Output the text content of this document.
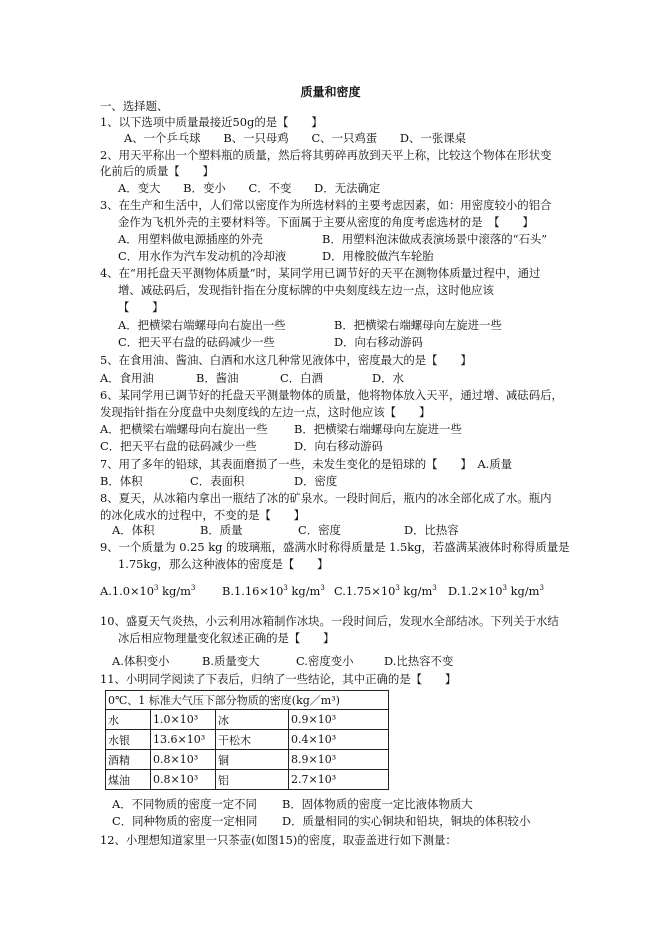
质量和密度
一、选择题、
1、以下选项中质量最接近50g的是【　　】
A、一个乒乓球　　B、一只母鸡　　C、一只鸡蛋　　D、一张课桌
2、用天平称出一个塑料瓶的质量，然后将其剪碎再放到天平上称，比较这个物体在形状变
化前后的质量【　　】
A．变大　　B．变小　　C．不变　　D．无法确定
3、在生产和生活中，人们常以密度作为所选材料的主要考虑因素，如：用密度较小的铝合
金作为飞机外壳的主要材料等。下面属于主要从密度的角度考虑选材的是　【　　】
A．用塑料做电源插座的外壳	B．用塑料泡沫做成表演场景中滚落的“石头”
C．用水作为汽车发动机的冷却液	D．用橡胶做汽车轮胎
4、在“用托盘天平测物体质量”时，某同学用已调节好的天平在测物体质量过程中，通过
增、减砝码后，发现指针指在分度标牌的中央刻度线左边一点，这时他应该
【　　】
A．把横梁右端螺母向右旋出一些	B．把横梁右端螺母向左旋进一些
C．把天平右盘的砝码减少一些	D．向右移动游码
5、在食用油、酱油、白酒和水这几种常见液体中，密度最大的是【　　】
A．食用油	B．酱油	C．白酒	D．水
6、某同学用已调节好的托盘天平测量物体的质量，他将物体放入天平，通过增、减砝码后，
发现指针指在分度盘中央刻度线的左边一点，这时他应该【　　】
A．把横梁右端螺母向右旋出一些 B．把横梁右端螺母向左旋进一些
C．把天平右盘的砝码减少一些	D．向右移动游码
7、用了多年的铅球，其表面磨损了一些，未发生变化的是铅球的【　　】　A.质量
B．体积	C．表面积	D．密度
8、夏天，从冰箱内拿出一瓶结了冰的矿泉水。一段时间后，瓶内的冰全部化成了水。瓶内
的冰化成水的过程中，不变的是【　　】
A．体积	B．质量	C．密度	D．比热容
9、一个质量为 0.25 kg 的玻璃瓶，盛满水时称得质量是 1.5kg，若盛满某液体时称得质量是
1.75kg，那么这种液体的密度是【　　】
$A.1.0\times 10^3$ $kg/m^3$ $B.1.16\times 10^3$ $kg/m^3$ $C.1.75\times 10^3$ $kg/m^3$ $D.1.2\times 10^3$ $kg/m^3$
10、盛夏天气炎热，小云利用冰箱制作冰块。一段时间后，发现水全部结冰。下列关于水结
冰后相应物理量变化叙述正确的是【　　】
A.体积变小	B.质量变大	C.密度变小	D.比热容不变
11、小明同学阅读了下表后，归纳了一些结论，其中正确的是【　　】
0℃、1 标准大气压下部分物质的密度(kg／m³)			
水	1.0×10³	冰	0.9×10³
水银	13.6×10³	干松木	0.4×10³
酒精	0.8×10³	铜	8.9×10³
煤油	0.8×10³	铝	2.7×10³
A．不同物质的密度一定不同 B．固体物质的密度一定比液体物质大
C．同种物质的密度一定相同 D．质量相同的实心铜块和铅块，铜块的体积较小
12、小理想知道家里一只茶壶(如图15)的密度，取壶盖进行如下测量：
